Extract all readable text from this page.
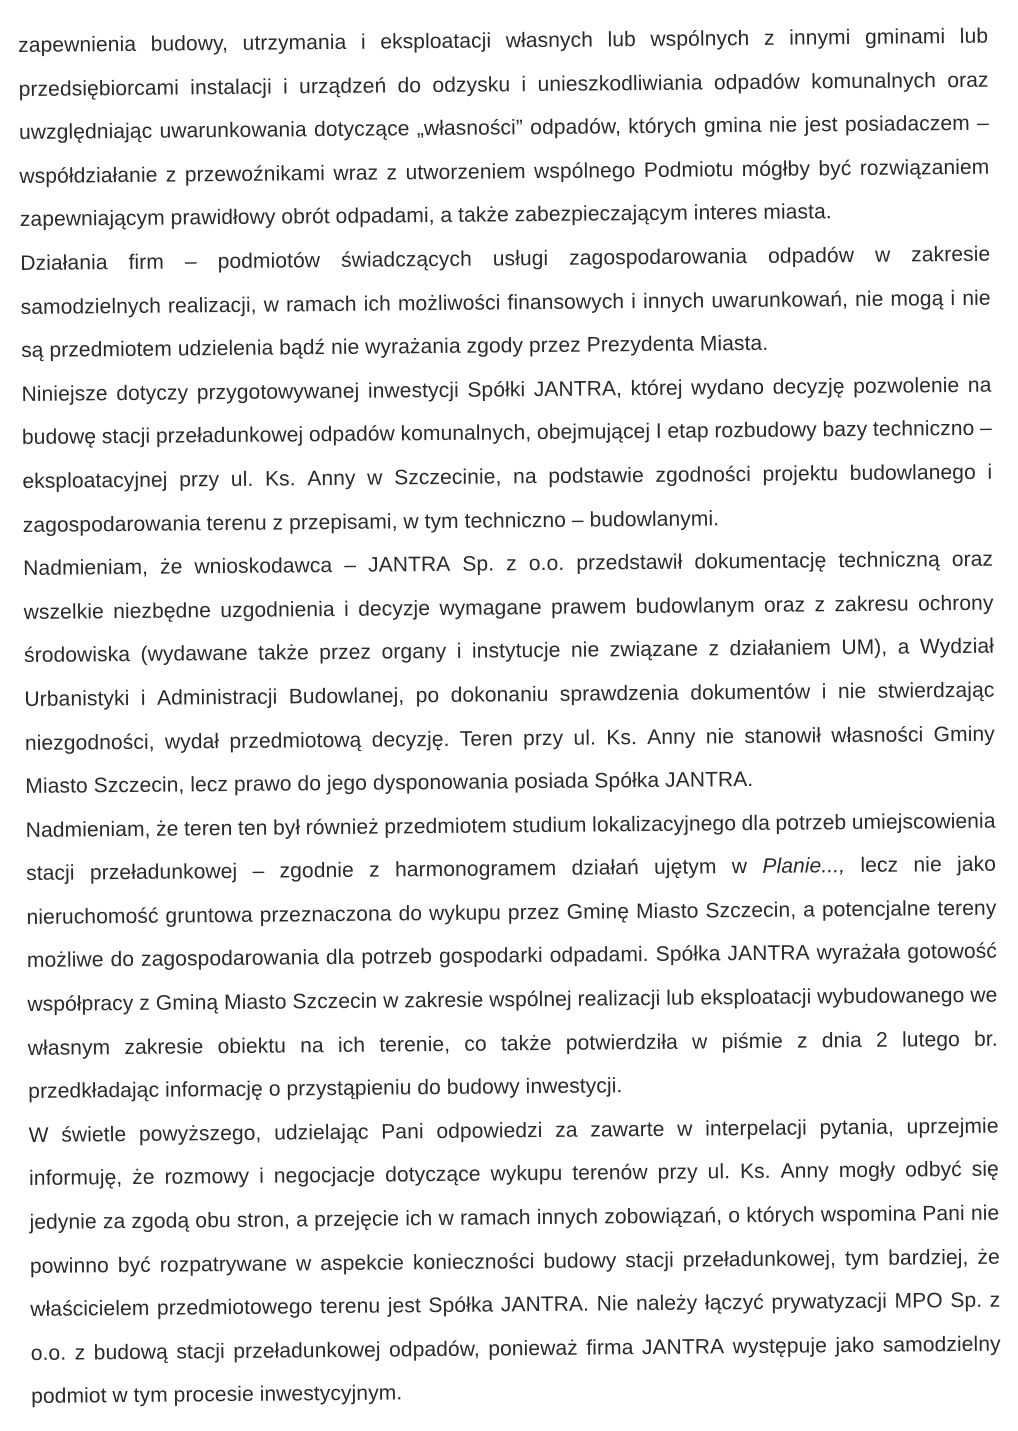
zapewnienia budowy, utrzymania i eksploatacji własnych lub wspólnych z innymi gminami lub
przedsiębiorcami instalacji i urządzeń do odzysku i unieszkodliwiania odpadów komunalnych oraz
uwzględniając uwarunkowania dotyczące „własności” odpadów, których gmina nie jest posiadaczem –
współdziałanie z przewoźnikami wraz z utworzeniem wspólnego Podmiotu mógłby być rozwiązaniem
zapewniającym prawidłowy obrót odpadami, a także zabezpieczającym interes miasta.
Działania firm – podmiotów świadczących usługi zagospodarowania odpadów w zakresie
samodzielnych realizacji, w ramach ich możliwości finansowych i innych uwarunkowań, nie mogą i nie
są przedmiotem udzielenia bądź nie wyrażania zgody przez Prezydenta Miasta.
Niniejsze dotyczy przygotowywanej inwestycji Spółki JANTRA, której wydano decyzję pozwolenie na
budowę stacji przeładunkowej odpadów komunalnych, obejmującej I etap rozbudowy bazy techniczno –
eksploatacyjnej przy ul. Ks. Anny w Szczecinie, na podstawie zgodności projektu budowlanego i
zagospodarowania terenu z przepisami, w tym techniczno – budowlanymi.
Nadmieniam, że wnioskodawca – JANTRA Sp. z o.o. przedstawił dokumentację techniczną oraz
wszelkie niezbędne uzgodnienia i decyzje wymagane prawem budowlanym oraz z zakresu ochrony
środowiska (wydawane także przez organy i instytucje nie związane z działaniem UM), a Wydział
Urbanistyki i Administracji Budowlanej, po dokonaniu sprawdzenia dokumentów i nie stwierdzając
niezgodności, wydał przedmiotową decyzję. Teren przy ul. Ks. Anny nie stanowił własności Gminy
Miasto Szczecin, lecz prawo do jego dysponowania posiada Spółka JANTRA.
Nadmieniam, że teren ten był również przedmiotem studium lokalizacyjnego dla potrzeb umiejscowienia
stacji przeładunkowej – zgodnie z harmonogramem działań ujętym w Planie..., lecz nie jako
nieruchomość gruntowa przeznaczona do wykupu przez Gminę Miasto Szczecin, a potencjalne tereny
możliwe do zagospodarowania dla potrzeb gospodarki odpadami. Spółka JANTRA wyrażała gotowość
współpracy z Gminą Miasto Szczecin w zakresie wspólnej realizacji lub eksploatacji wybudowanego we
własnym zakresie obiektu na ich terenie, co także potwierdziła w piśmie z dnia 2 lutego br.
przedkładając informację o przystąpieniu do budowy inwestycji.
W świetle powyższego, udzielając Pani odpowiedzi za zawarte w interpelacji pytania, uprzejmie
informuję, że rozmowy i negocjacje dotyczące wykupu terenów przy ul. Ks. Anny mogły odbyć się
jedynie za zgodą obu stron, a przejęcie ich w ramach innych zobowiązań, o których wspomina Pani nie
powinno być rozpatrywane w aspekcie konieczności budowy stacji przeładunkowej, tym bardziej, że
właścicielem przedmiotowego terenu jest Spółka JANTRA. Nie należy łączyć prywatyzacji MPO Sp. z
o.o. z budową stacji przeładunkowej odpadów, ponieważ firma JANTRA występuje jako samodzielny
podmiot w tym procesie inwestycyjnym.
